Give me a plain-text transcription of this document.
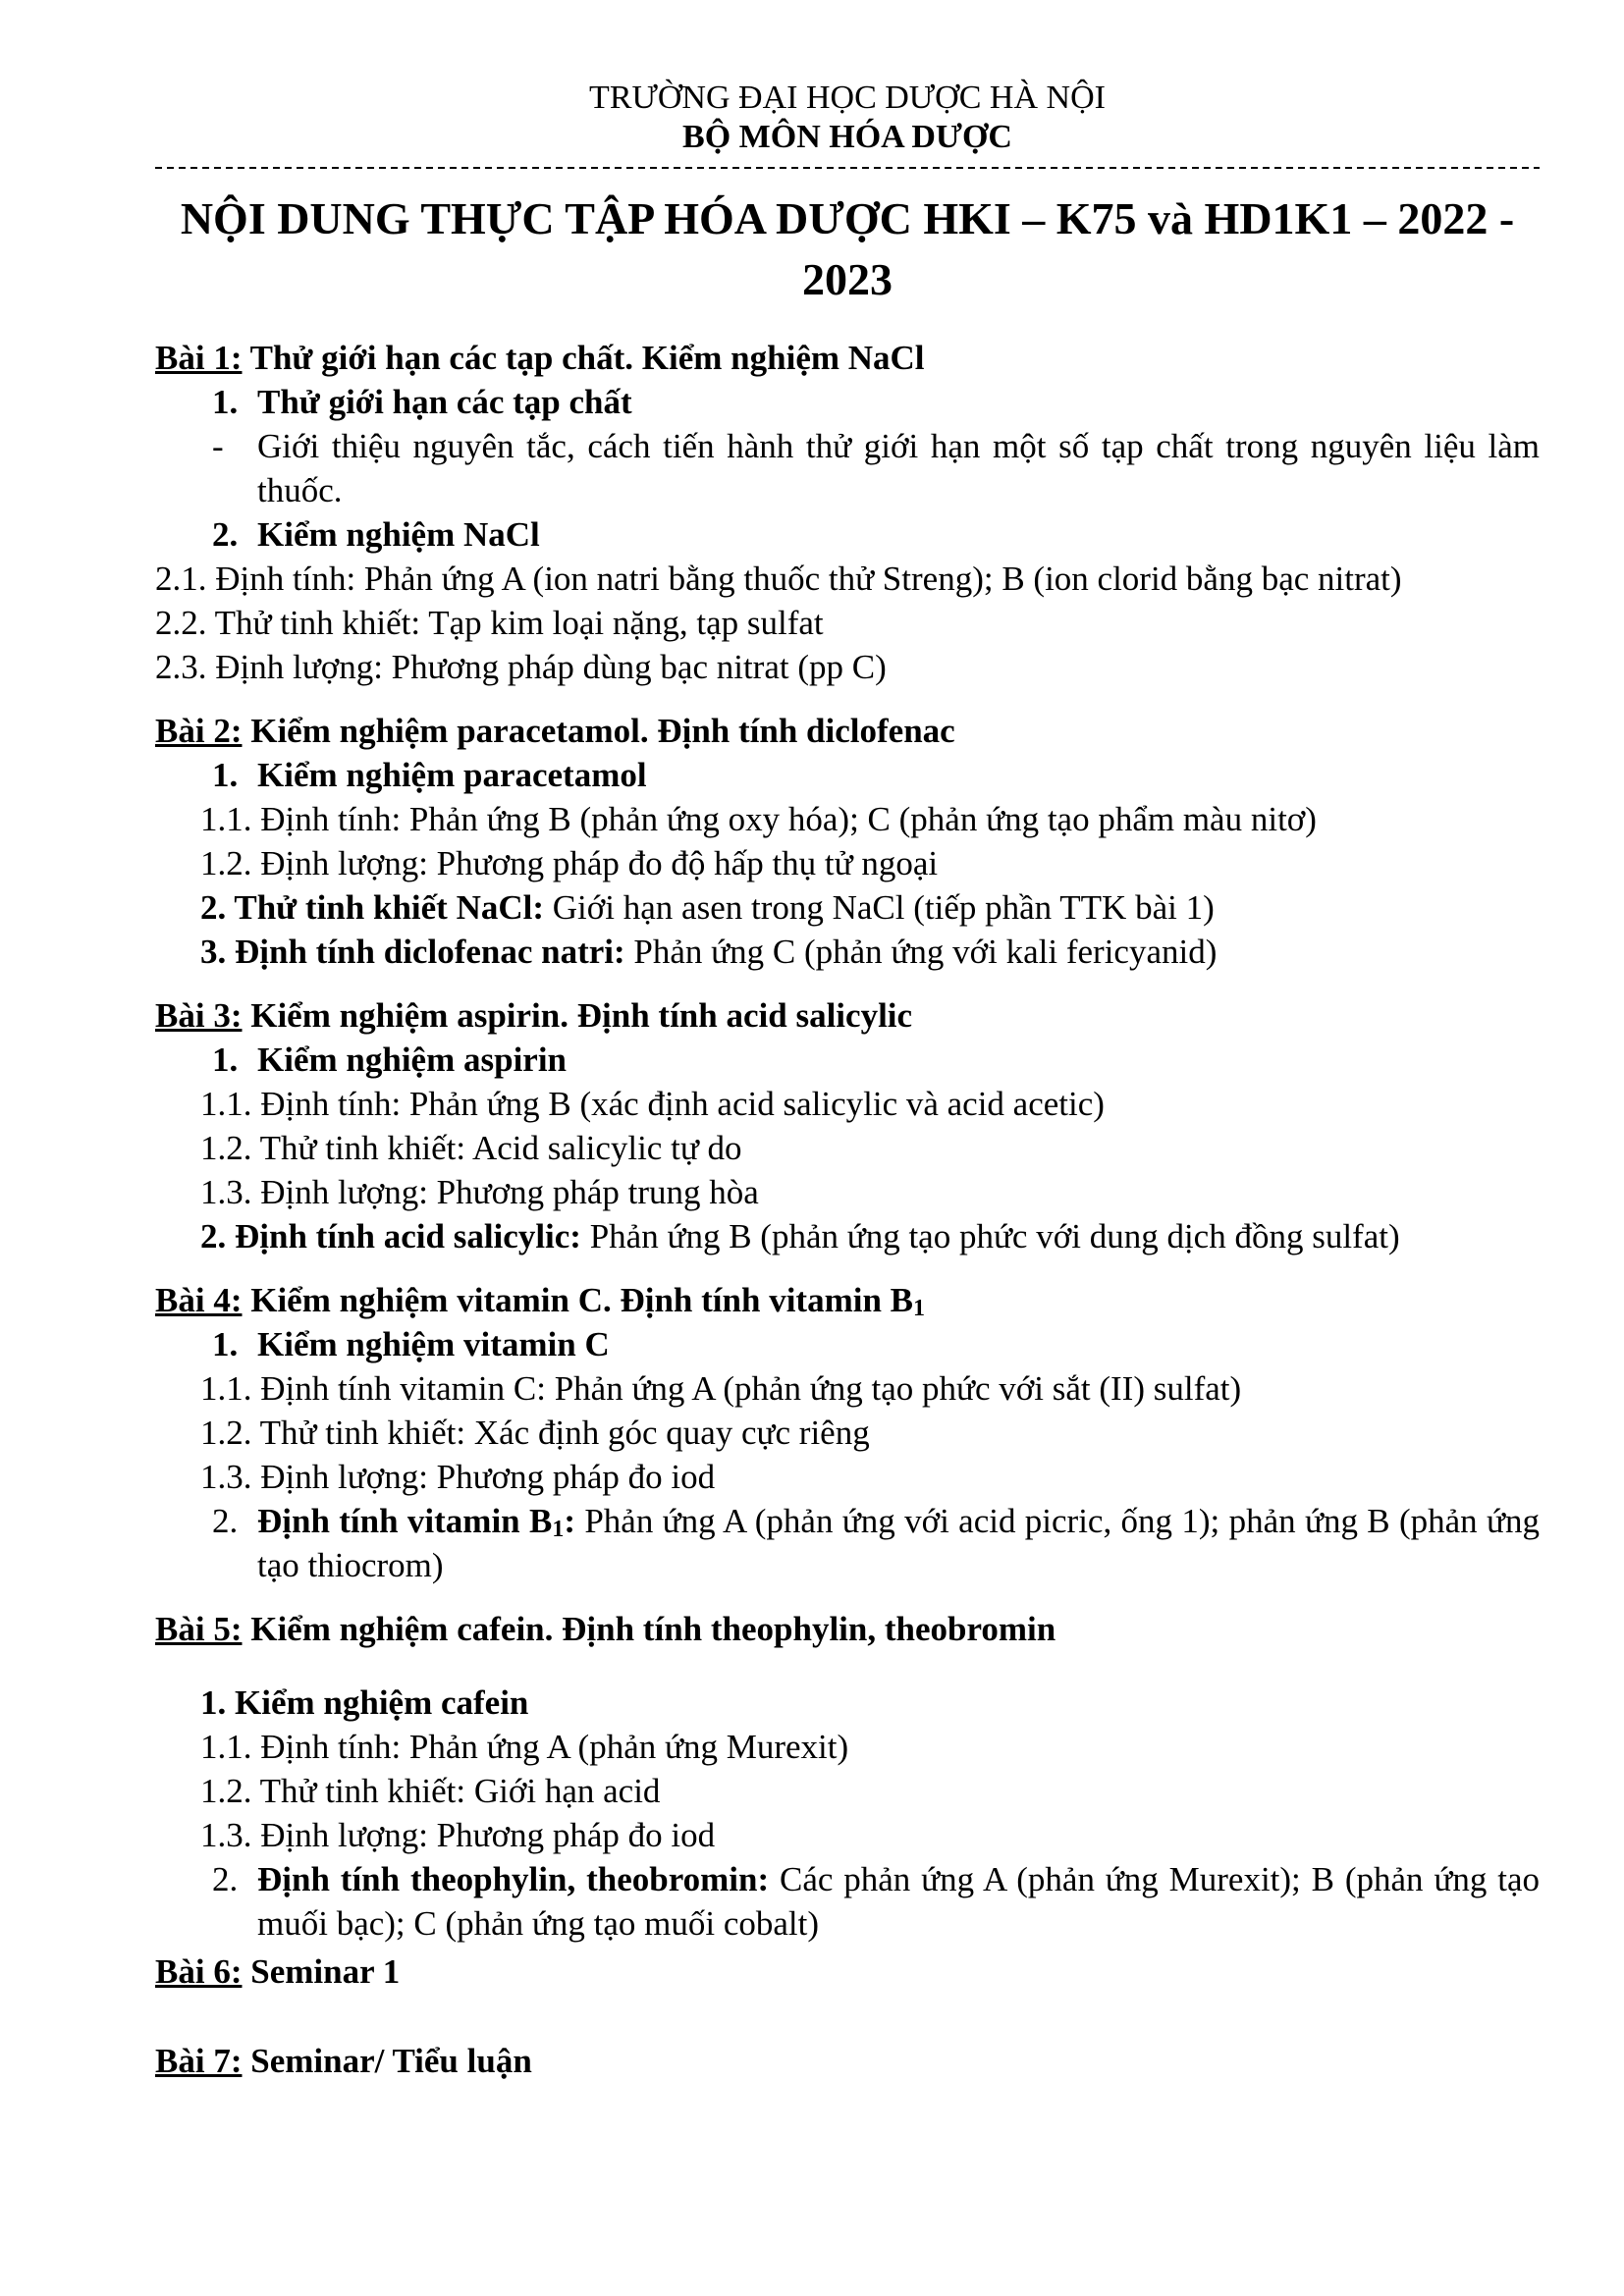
TRƯỜNG ĐẠI HỌC DƯỢC HÀ NỘI
BỘ MÔN HÓA DƯỢC
NỘI DUNG THỰC TẬP HÓA DƯỢC HKI – K75 và HD1K1 – 2022 - 2023
Bài 1: Thử giới hạn các tạp chất. Kiểm nghiệm NaCl
1. Thử giới hạn các tạp chất
- Giới thiệu nguyên tắc, cách tiến hành thử giới hạn một số tạp chất trong nguyên liệu làm thuốc.
2. Kiểm nghiệm NaCl
2.1. Định tính: Phản ứng A (ion natri bằng thuốc thử Streng); B (ion clorid bằng bạc nitrat)
2.2. Thử tinh khiết: Tạp kim loại nặng, tạp sulfat
2.3. Định lượng: Phương pháp dùng bạc nitrat (pp C)
Bài 2: Kiểm nghiệm paracetamol. Định tính diclofenac
1. Kiểm nghiệm paracetamol
1.1. Định tính: Phản ứng B (phản ứng oxy hóa); C (phản ứng tạo phẩm màu nitơ)
1.2. Định lượng: Phương pháp đo độ hấp thụ tử ngoại
2. Thử tinh khiết NaCl: Giới hạn asen trong NaCl (tiếp phần TTK bài 1)
3. Định tính diclofenac natri: Phản ứng C (phản ứng với kali fericyanid)
Bài 3: Kiểm nghiệm aspirin. Định tính acid salicylic
1. Kiểm nghiệm aspirin
1.1. Định tính: Phản ứng B (xác định acid salicylic và acid acetic)
1.2. Thử tinh khiết: Acid salicylic tự do
1.3. Định lượng: Phương pháp trung hòa
2. Định tính acid salicylic: Phản ứng B (phản ứng tạo phức với dung dịch đồng sulfat)
Bài 4: Kiểm nghiệm vitamin C. Định tính vitamin $B_1$
1. Kiểm nghiệm vitamin C
1.1. Định tính vitamin C: Phản ứng A (phản ứng tạo phức với sắt (II) sulfat)
1.2. Thử tinh khiết: Xác định góc quay cực riêng
1.3. Định lượng: Phương pháp đo iod
2. Định tính vitamin $B_1$: Phản ứng A (phản ứng với acid picric, ống 1); phản ứng B (phản ứng tạo thiocrom)
Bài 5: Kiểm nghiệm cafein. Định tính theophylin, theobromin
1. Kiểm nghiệm cafein
1.1. Định tính: Phản ứng A (phản ứng Murexit)
1.2. Thử tinh khiết: Giới hạn acid
1.3. Định lượng: Phương pháp đo iod
2. Định tính theophylin, theobromin: Các phản ứng A (phản ứng Murexit); B (phản ứng tạo muối bạc); C (phản ứng tạo muối cobalt)
Bài 6: Seminar 1
Bài 7: Seminar/ Tiểu luận
